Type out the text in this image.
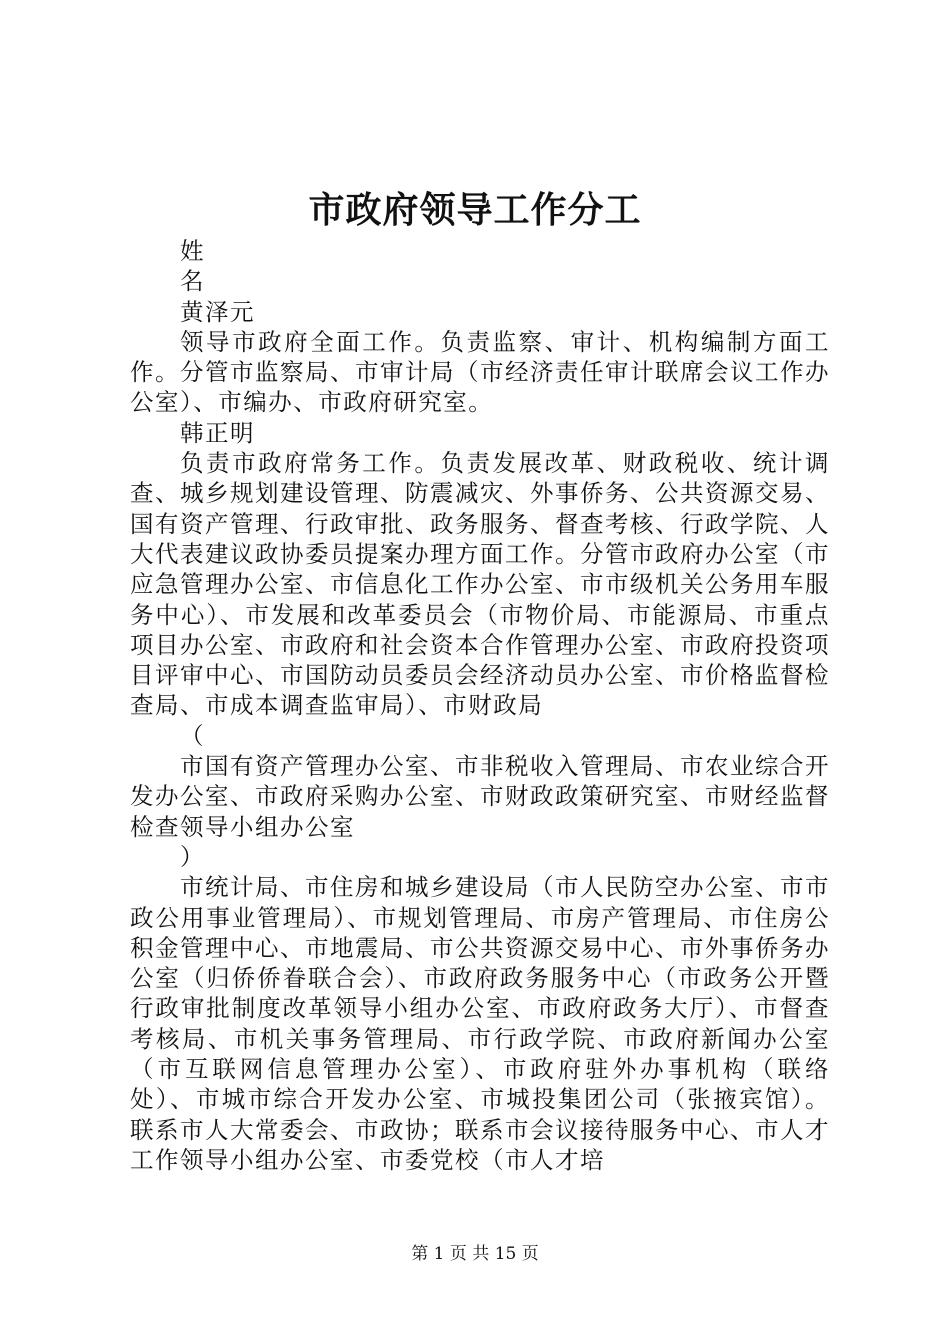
市政府领导工作分工
姓
名
黄泽元
领导市政府全面工作。负责监察、审计、机构编制方面工作。分管市监察局、市审计局（市经济责任审计联席会议工作办公室）、市编办、市政府研究室。
韩正明
负责市政府常务工作。负责发展改革、财政税收、统计调查、城乡规划建设管理、防震减灾、外事侨务、公共资源交易、国有资产管理、行政审批、政务服务、督查考核、行政学院、人大代表建议政协委员提案办理方面工作。分管市政府办公室（市应急管理办公室、市信息化工作办公室、市市级机关公务用车服务中心）、市发展和改革委员会（市物价局、市能源局、市重点项目办公室、市政府和社会资本合作管理办公室、市政府投资项目评审中心、市国防动员委员会经济动员办公室、市价格监督检查局、市成本调查监审局）、市财政局
（
市国有资产管理办公室、市非税收入管理局、市农业综合开发办公室、市政府采购办公室、市财政政策研究室、市财经监督检查领导小组办公室
）
市统计局、市住房和城乡建设局（市人民防空办公室、市市政公用事业管理局）、市规划管理局、市房产管理局、市住房公积金管理中心、市地震局、市公共资源交易中心、市外事侨务办公室（归侨侨眷联合会）、市政府政务服务中心（市政务公开暨行政审批制度改革领导小组办公室、市政府政务大厅）、市督查考核局、市机关事务管理局、市行政学院、市政府新闻办公室（市互联网信息管理办公室）、市政府驻外办事机构（联络处）、市城市综合开发办公室、市城投集团公司（张掖宾馆）。联系市人大常委会、市政协；联系市会议接待服务中心、市人才工作领导小组办公室、市委党校（市人才培
第 1 页 共 15 页
